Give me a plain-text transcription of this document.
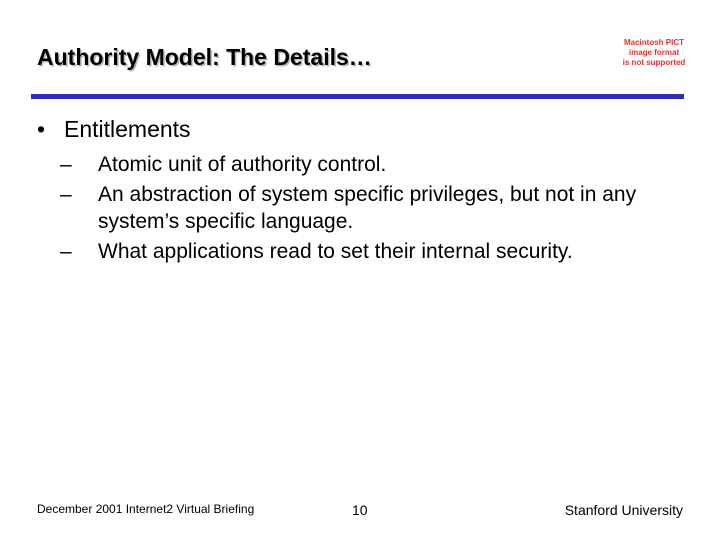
Authority Model: The Details…
Macintosh PICT
image format
is not supported
• Entitlements
– Atomic unit of authority control.
– An abstraction of system specific privileges, but not in any system’s specific language.
– What applications read to set their internal security.
December 2001 Internet2 Virtual Briefing	10	Stanford University
